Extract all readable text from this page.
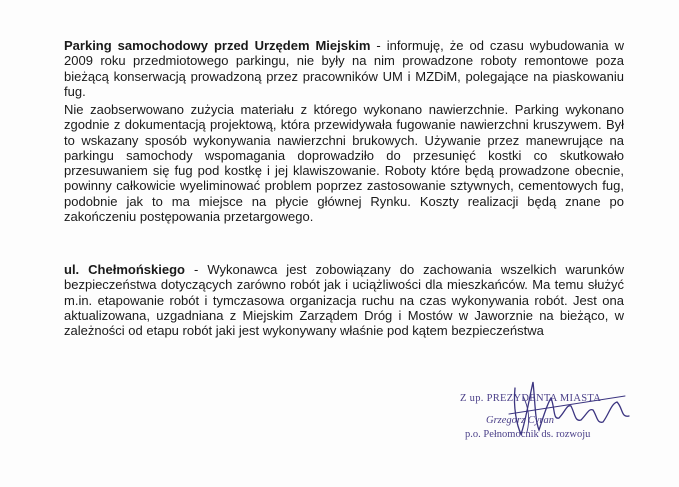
Parking samochodowy przed Urzędem Miejskim - informuję, że od czasu wybudowania w 2009 roku przedmiotowego parkingu, nie były na nim prowadzone roboty remontowe poza bieżącą konserwacją prowadzoną przez pracowników UM i MZDiM, polegające na piaskowaniu fug.

Nie zaobserwowano zużycia materiału z którego wykonano nawierzchnie. Parking wykonano zgodnie z dokumentacją projektową, która przewidywała fugowanie nawierzchni kruszywem. Był to wskazany sposób wykonywania nawierzchni brukowych. Używanie przez manewrujące na parkingu samochody wspomagania doprowadziło do przesunięć kostki co skutkowało przesuwaniem się fug pod kostkę i jej klawiszowanie. Roboty które będą prowadzone obecnie, powinny całkowicie wyeliminować problem poprzez zastosowanie sztywnych, cementowych fug, podobnie jak to ma miejsce na płycie głównej Rynku. Koszty realizacji będą znane po zakończeniu postępowania przetargowego.

ul. Chełmońskiego - Wykonawca jest zobowiązany do zachowania wszelkich warunków bezpieczeństwa dotyczących zarówno robót jak i uciążliwości dla mieszkańców. Ma temu służyć m.in. etapowanie robót i tymczasowa organizacja ruchu na czas wykonywania robót. Jest ona aktualizowana, uzgadniana z Miejskim Zarządem Dróg i Mostów w Jaworznie na bieżąco, w zależności od etapu robót jaki jest wykonywany właśnie pod kątem bezpieczeństwa

Z up. PREZYDENTA MIASTA
Grzegorz Cyran
p.o. Pełnomocnik ds. rozwoju
